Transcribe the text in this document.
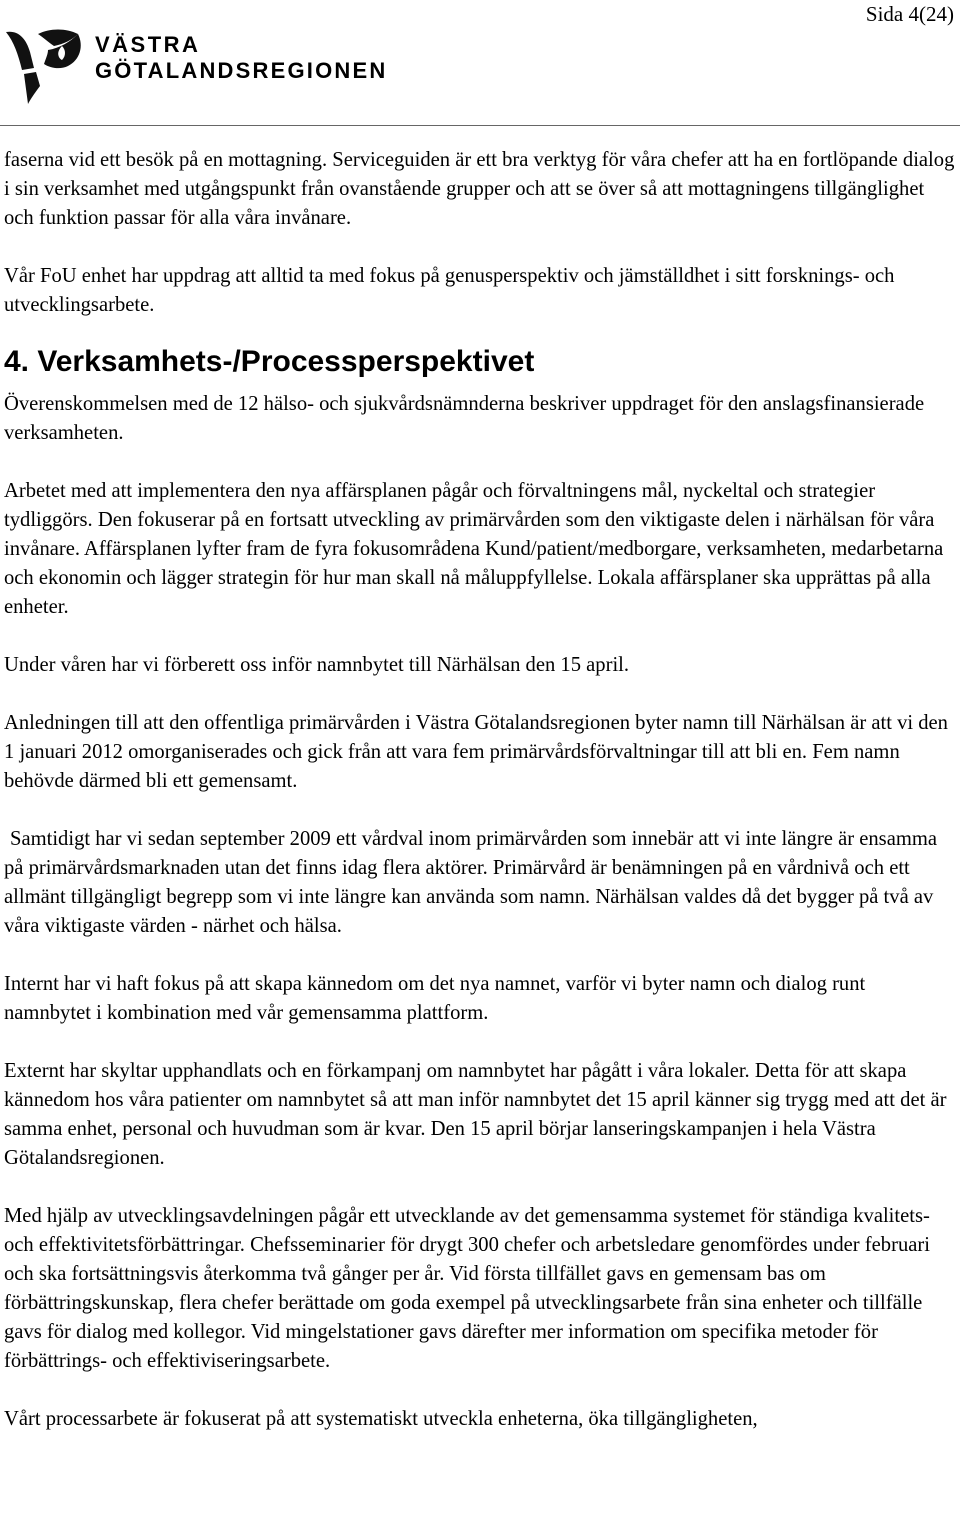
Sida 4(24)
VÄSTRA
GÖTALANDSREGIONEN

faserna vid ett besök på en mottagning. Serviceguiden är ett bra verktyg för våra chefer att ha en fortlöpande dialog i sin verksamhet med utgångspunkt från ovanstående grupper och att se över så att mottagningens tillgänglighet och funktion passar för alla våra invånare.

Vår FoU enhet har uppdrag att alltid ta med fokus på genusperspektiv och jämställdhet i sitt forsknings- och utvecklingsarbete.

4. Verksamhets-/Processperspektivet

Överenskommelsen med de 12 hälso- och sjukvårdsnämnderna beskriver uppdraget för den anslagsfinansierade verksamheten.

Arbetet med att implementera den nya affärsplanen pågår och förvaltningens mål, nyckeltal och strategier tydliggörs. Den fokuserar på en fortsatt utveckling av primärvården som den viktigaste delen i närhälsan för våra invånare. Affärsplanen lyfter fram de fyra fokusområdena Kund/patient/medborgare, verksamheten, medarbetarna och ekonomin och lägger strategin för hur man skall nå måluppfyllelse. Lokala affärsplaner ska upprättas på alla enheter.

Under våren har vi förberett oss inför namnbytet till Närhälsan den 15 april.

Anledningen till att den offentliga primärvården i Västra Götalandsregionen byter namn till Närhälsan är att vi den 1 januari 2012 omorganiserades och gick från att vara fem primärvårdsförvaltningar till att bli en. Fem namn behövde därmed bli ett gemensamt.

Samtidigt har vi sedan september 2009 ett vårdval inom primärvården som innebär att vi inte längre är ensamma på primärvårdsmarknaden utan det finns idag flera aktörer. Primärvård är benämningen på en vårdnivå och ett allmänt tillgängligt begrepp som vi inte längre kan använda som namn. Närhälsan valdes då det bygger på två av våra viktigaste värden - närhet och hälsa.

Internt har vi haft fokus på att skapa kännedom om det nya namnet, varför vi byter namn och dialog runt namnbytet i kombination med vår gemensamma plattform.

Externt har skyltar upphandlats och en förkampanj om namnbytet har pågått i våra lokaler. Detta för att skapa kännedom hos våra patienter om namnbytet så att man inför namnbytet det 15 april känner sig trygg med att det är samma enhet, personal och huvudman som är kvar. Den 15 april börjar lanseringskampanjen i hela Västra Götalandsregionen.

Med hjälp av utvecklingsavdelningen pågår ett utvecklande av det gemensamma systemet för ständiga kvalitets- och effektivitetsförbättringar. Chefsseminarier för drygt 300 chefer och arbetsledare genomfördes under februari och ska fortsättningsvis återkomma två gånger per år. Vid första tillfället gavs en gemensam bas om förbättringskunskap, flera chefer berättade om goda exempel på utvecklingsarbete från sina enheter och tillfälle gavs för dialog med kollegor. Vid mingelstationer gavs därefter mer information om specifika metoder för förbättrings- och effektiviseringsarbete.

Vårt processarbete är fokuserat på att systematiskt utveckla enheterna, öka tillgängligheten,
